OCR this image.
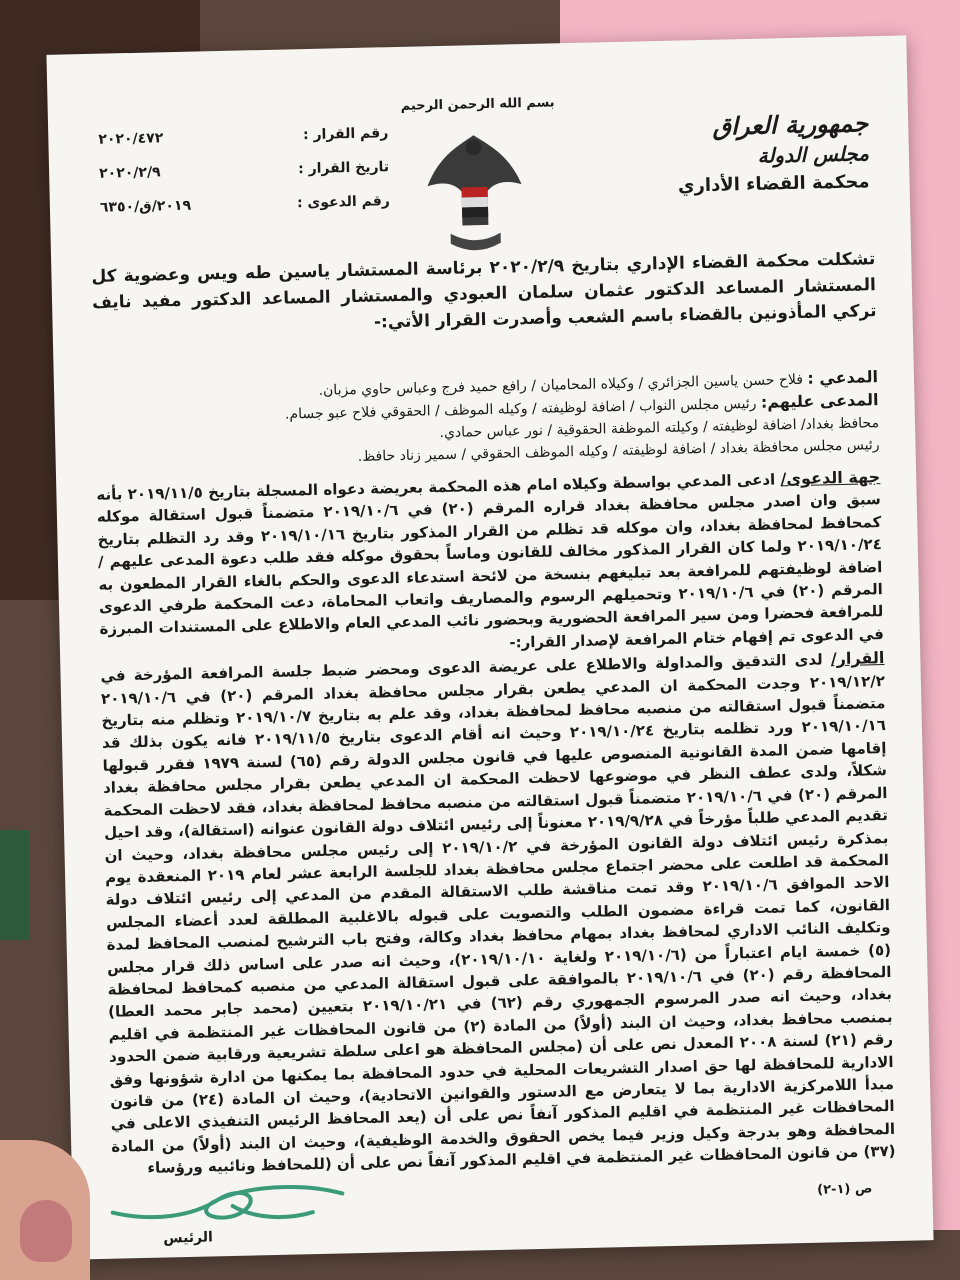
بسم الله الرحمن الرحيم
جمهورية العراق
مجلس الدولة
محكمة القضاء الأداري
رقم القرار :
٢٠٢٠/٤٧٢
تاريخ القرار :
٢٠٢٠/٢/٩
رقم الدعوى :
٢٠١٩/ق/٦٣٥٠
تشكلت محكمة القضاء الإداري بتاريخ ٢٠٢٠/٢/٩ برئاسة المستشار ياسين طه ويس وعضوية كل المستشار المساعد الدكتور عثمان سلمان العبودي والمستشار المساعد الدكتور مفيد نايف تركي المأذونين بالقضاء باسم الشعب وأصدرت القرار الأتي:-
المدعي : فلاح حسن ياسين الجزائري / وكيلاه المحاميان / رافع حميد فرج وعباس حاوي مزبان.
المدعى عليهم: رئيس مجلس النواب / اضافة لوظيفته / وكيله الموظف / الحقوقي فلاح عبو جسام.
محافظ بغداد/ اضافة لوظيفته / وكيلته الموظفة الحقوقية / نور عباس حمادي.
رئيس مجلس محافظة بغداد / اضافة لوظيفته / وكيله الموظف الحقوقي / سمير زناد حافظ.

جهة الدعوى/ ادعى المدعي بواسطة وكيلاه امام هذه المحكمة بعريضة دعواه المسجلة بتاريخ ٢٠١٩/١١/٥ بأنه سبق وان اصدر مجلس محافظة بغداد قراره المرقم (٢٠) في ٢٠١٩/١٠/٦ متضمناً قبول استقالة موكله كمحافظ لمحافظة بغداد، وان موكله قد تظلم من القرار المذكور بتاريخ ٢٠١٩/١٠/١٦ وقد رد التظلم بتاريخ ٢٠١٩/١٠/٢٤ ولما كان القرار المذكور مخالف للقانون وماساً بحقوق موكله فقد طلب دعوة المدعى عليهم / اضافة لوظيفتهم للمرافعة بعد تبليغهم بنسخة من لائحة استدعاء الدعوى والحكم بالغاء القرار المطعون به المرقم (٢٠) في ٢٠١٩/١٠/٦ وتحميلهم الرسوم والمصاريف واتعاب المحاماة، دعت المحكمة طرفي الدعوى للمرافعة فحضرا ومن سير المرافعة الحضورية وبحضور نائب المدعي العام والاطلاع على المستندات المبرزة في الدعوى تم إفهام ختام المرافعة لإصدار القرار:-

القرار/ لدى التدقيق والمداولة والاطلاع على عريضة الدعوى ومحضر ضبط جلسة المرافعة المؤرخة في ٢٠١٩/١٢/٢ وجدت المحكمة ان المدعي يطعن بقرار مجلس محافظة بغداد المرقم (٢٠) في ٢٠١٩/١٠/٦ متضمناً قبول استقالته من منصبه محافظ لمحافظة بغداد، وقد علم به بتاريخ ٢٠١٩/١٠/٧ وتظلم منه بتاريخ ٢٠١٩/١٠/١٦ ورد تظلمه بتاريخ ٢٠١٩/١٠/٢٤ وحيث انه أقام الدعوى بتاريخ ٢٠١٩/١١/٥ فانه يكون بذلك قد إقامها ضمن المدة القانونية المنصوص عليها في قانون مجلس الدولة رقم (٦٥) لسنة ١٩٧٩ فقرر قبولها شكلاً، ولدى عطف النظر في موضوعها لاحظت المحكمة ان المدعي يطعن بقرار مجلس محافظة بغداد المرقم (٢٠) في ٢٠١٩/١٠/٦ متضمناً قبول استقالته من منصبه محافظ لمحافظة بغداد، فقد لاحظت المحكمة تقديم المدعي طلباً مؤرخاً في ٢٠١٩/٩/٢٨ معنوناً إلى رئيس ائتلاف دولة القانون عنوانه (استقالة)، وقد احيل بمذكرة رئيس ائتلاف دولة القانون المؤرخة في ٢٠١٩/١٠/٢ إلى رئيس مجلس محافظة بغداد، وحيث ان المحكمة قد اطلعت على محضر اجتماع مجلس محافظة بغداد للجلسة الرابعة عشر لعام ٢٠١٩ المنعقدة يوم الاحد الموافق ٢٠١٩/١٠/٦ وقد تمت مناقشة طلب الاستقالة المقدم من المدعي إلى رئيس ائتلاف دولة القانون، كما تمت قراءة مضمون الطلب والتصويت على قبوله بالاغلبية المطلقة لعدد أعضاء المجلس وتكليف النائب الاداري لمحافظ بغداد بمهام محافظ بغداد وكالة، وفتح باب الترشيح لمنصب المحافظ لمدة (٥) خمسة ايام اعتباراً من (٢٠١٩/١٠/٦ ولغاية ٢٠١٩/١٠/١٠)، وحيث انه صدر على اساس ذلك قرار مجلس المحافظة رقم (٢٠) في ٢٠١٩/١٠/٦ بالموافقة على قبول استقالة المدعي من منصبه كمحافظ لمحافظة بغداد، وحيث انه صدر المرسوم الجمهوري رقم (٦٢) في ٢٠١٩/١٠/٢١ بتعيين (محمد جابر محمد العطا) بمنصب محافظ بغداد، وحيث ان البند (أولاً) من المادة (٢) من قانون المحافظات غير المنتظمة في اقليم رقم (٢١) لسنة ٢٠٠٨ المعدل نص على أن (مجلس المحافظة هو اعلى سلطة تشريعية ورقابية ضمن الحدود الادارية للمحافظة لها حق اصدار التشريعات المحلية في حدود المحافظة بما يمكنها من ادارة شؤونها وفق مبدأ اللامركزية الادارية بما لا يتعارض مع الدستور والقوانين الاتحادية)، وحيث ان المادة (٢٤) من قانون المحافظات غير المنتظمة في اقليم المذكور آنفاً نص على أن (يعد المحافظ الرئيس التنفيذي الاعلى في المحافظة وهو بدرجة وكيل وزير فيما يخص الحقوق والخدمة الوظيفية)، وحيث ان البند (أولاً) من المادة (٣٧) من قانون المحافظات غير المنتظمة في اقليم المذكور آنفاً نص على أن (للمحافظ ونائبيه ورؤساء

ص (١-٢)
الرئيس
